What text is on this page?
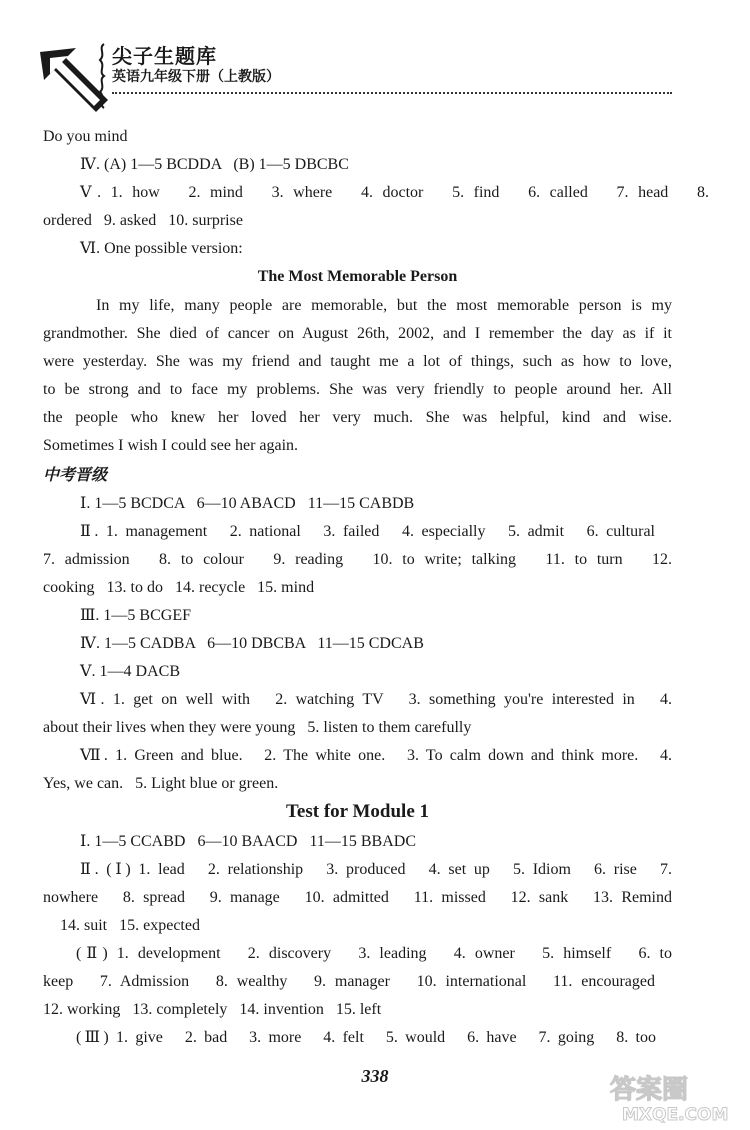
尖子生题库
英语九年级下册（上教版）
Do you mind
Ⅳ. (A) 1—5 BCDDA   (B) 1—5 DBCBC
Ⅴ. 1. how   2. mind   3. where   4. doctor   5. find   6. called   7. head   8.
ordered   9. asked   10. surprise
Ⅵ. One possible version:
The Most Memorable Person
In my life, many people are memorable, but the most memorable person is my
grandmother. She died of cancer on August 26th, 2002, and I remember the day as if it
were yesterday. She was my friend and taught me a lot of things, such as how to love,
to be strong and to face my problems. She was very friendly to people around her. All
the people who knew her loved her very much. She was helpful, kind and wise.
Sometimes I wish I could see her again.
中考晋级
Ⅰ. 1—5 BCDCA   6—10 ABACD   11—15 CABDB
Ⅱ. 1. management   2. national   3. failed   4. especially   5. admit   6. cultural
7. admission   8. to colour   9. reading   10. to write; talking   11. to turn   12.
cooking   13. to do   14. recycle   15. mind
Ⅲ. 1—5 BCGEF
Ⅳ. 1—5 CADBA   6—10 DBCBA   11—15 CDCAB
Ⅴ. 1—4 DACB
Ⅵ. 1. get on well with   2. watching TV   3. something you're interested in   4.
about their lives when they were young   5. listen to them carefully
Ⅶ. 1. Green and blue.   2. The white one.   3. To calm down and think more.   4.
Yes, we can.   5. Light blue or green.
Test for Module 1
Ⅰ. 1—5 CCABD   6—10 BAACD   11—15 BBADC
Ⅱ. (Ⅰ) 1. lead   2. relationship   3. produced   4. set up   5. Idiom   6. rise   7.
nowhere   8. spread   9. manage   10. admitted   11. missed   12. sank   13. Remind
14. suit   15. expected
(Ⅱ) 1. development   2. discovery   3. leading   4. owner   5. himself   6. to
keep   7. Admission   8. wealthy   9. manager   10. international   11. encouraged
12. working   13. completely   14. invention   15. left
(Ⅲ) 1. give   2. bad   3. more   4. felt   5. would   6. have   7. going   8. too
338	答案圈
MXQE.COM
